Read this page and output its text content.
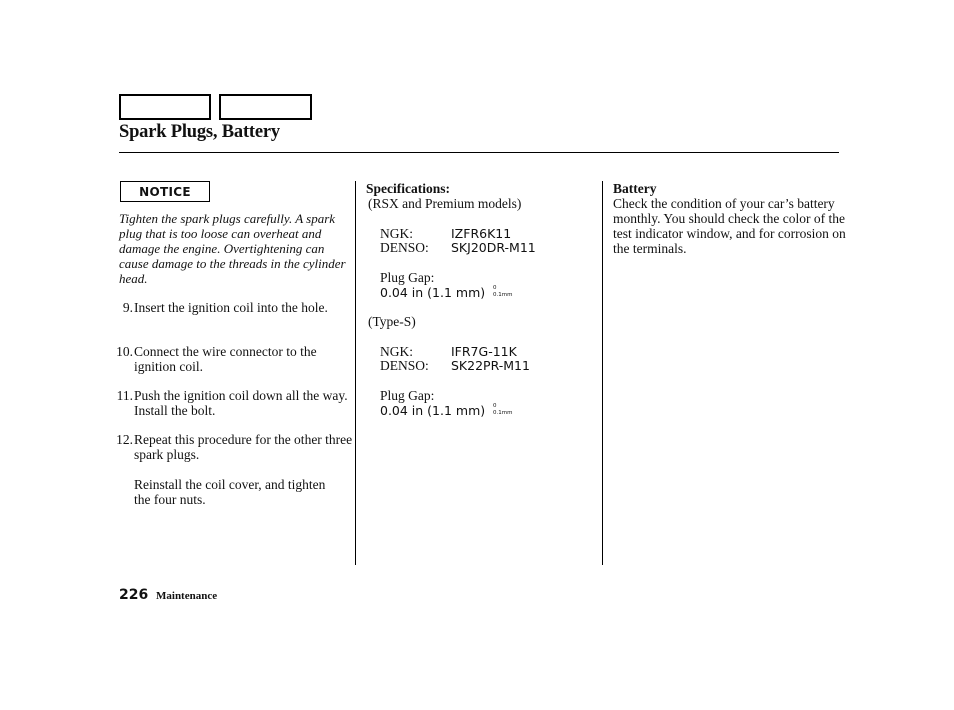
Spark Plugs, Battery
NOTICE
Tighten the spark plugs carefully. A spark plug that is too loose can overheat and damage the engine. Overtightening can cause damage to the threads in the cylinder head.
9. Insert the ignition coil into the hole.
10. Connect the wire connector to the ignition coil.
11. Push the ignition coil down all the way. Install the bolt.
12. Repeat this procedure for the other three spark plugs.
Reinstall the coil cover, and tighten the four nuts.
Specifications:
(RSX and Premium models)
NGK:	IZFR6K11
DENSO: SKJ20DR-M11
Plug Gap:
0.04 in (1.1 mm) 0
0.1mm
(Type-S)
NGK:	IFR7G-11K
DENSO: SK22PR-M11
Plug Gap:
0.04 in (1.1 mm) 0
0.1mm
Battery
Check the condition of your car’s battery monthly. You should check the color of the test indicator window, and for corrosion on the terminals.
226 Maintenance
